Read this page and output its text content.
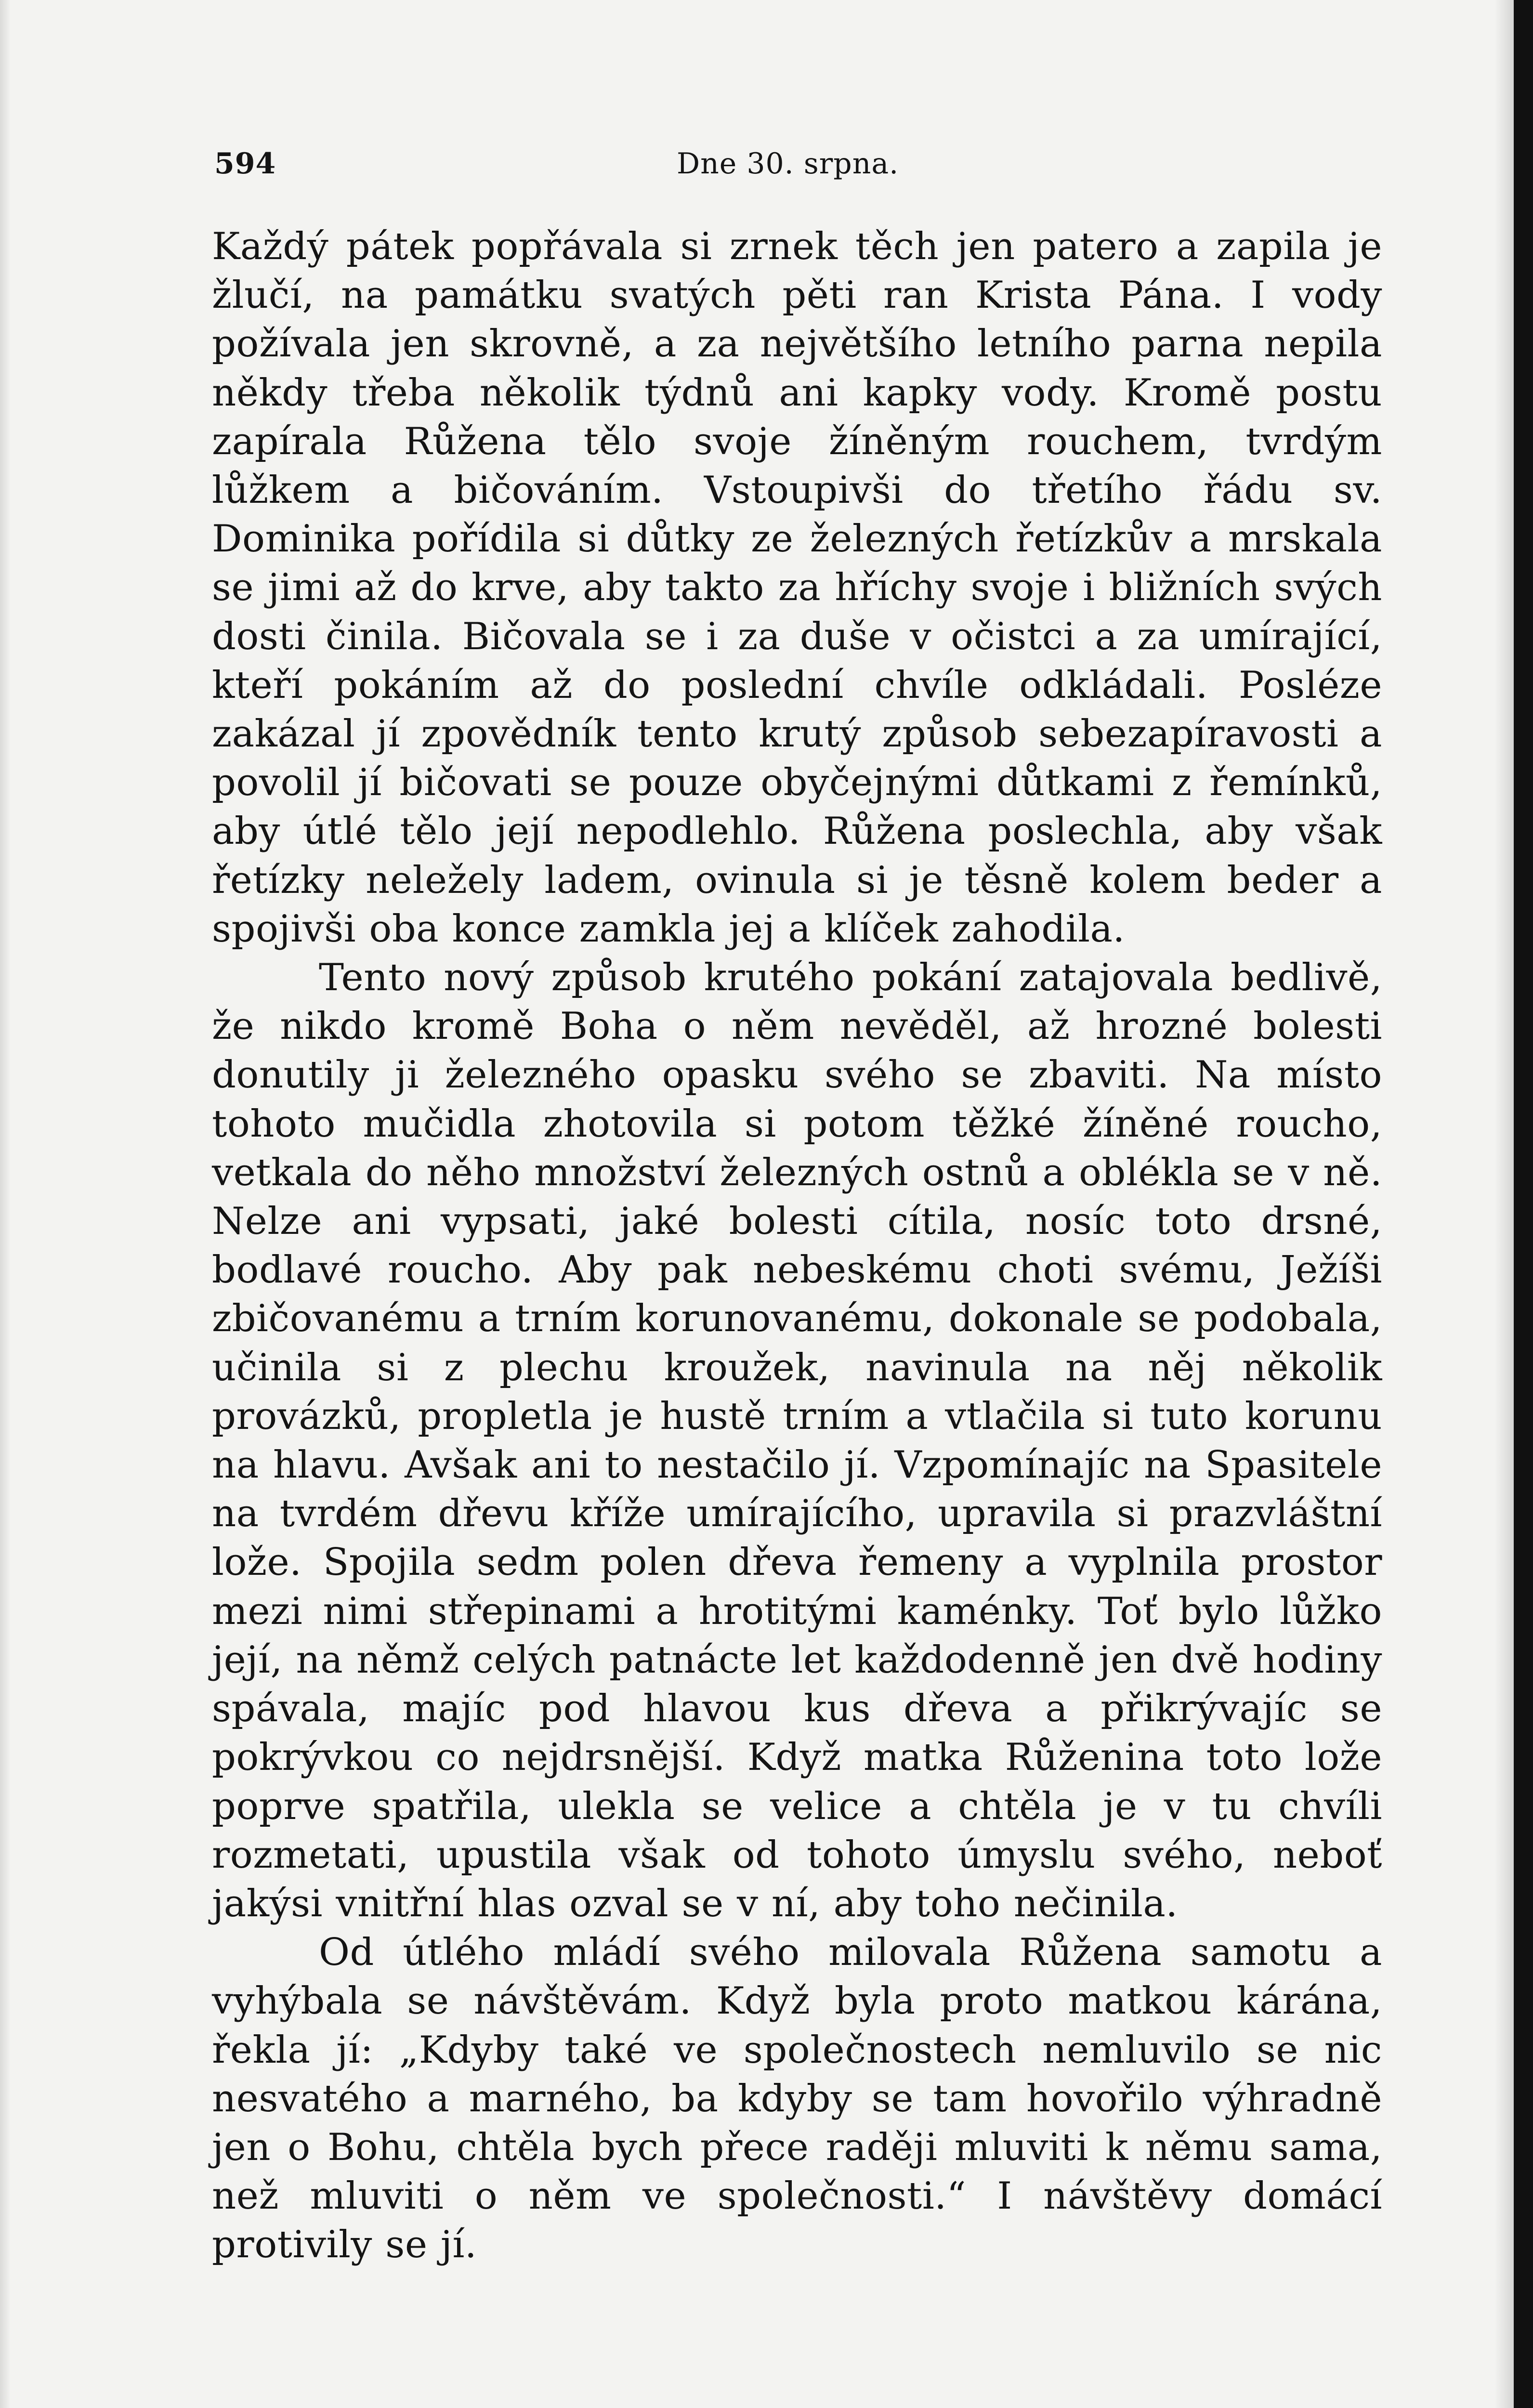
594	Dne 30. srpna.

Každý pátek popřávala si zrnek těch jen patero a zapila je žlučí, na památku svatých pěti ran Krista Pána. I vody požívala jen skrovně, a za největšího letního parna nepila někdy třeba několik týdnů ani kapky vody. Kromě postu zapírala Růžena tělo svoje žíněným rouchem, tvrdým lůžkem a bičováním. Vstoupivši do třetího řádu sv. Dominika pořídila si důtky ze železných řetízkův a mrskala se jimi až do krve, aby takto za hříchy svoje i bližních svých dosti činila. Bičovala se i za duše v očistci a za umírající, kteří pokáním až do poslední chvíle odkládali. Posléze zakázal jí zpovědník tento krutý způsob sebezapíravosti a povolil jí bičovati se pouze obyčejnými důtkami z řemínků, aby útlé tělo její nepodlehlo. Růžena poslechla, aby však řetízky neležely ladem, ovinula si je těsně kolem beder a spojivši oba konce zamkla jej a klíček zahodila.

Tento nový způsob krutého pokání zatajovala bedlivě, že nikdo kromě Boha o něm nevěděl, až hrozné bolesti donutily ji železného opasku svého se zbaviti. Na místo tohoto mučidla zhotovila si potom těžké žíněné roucho, vetkala do něho množství železných ostnů a oblékla se v ně. Nelze ani vypsati, jaké bolesti cítila, nosíc toto drsné, bodlavé roucho. Aby pak nebeskému choti svému, Ježíši zbičovanému a trním korunovanému, dokonale se podobala, učinila si z plechu kroužek, navinula na něj několik provázků, propletla je hustě trním a vtlačila si tuto korunu na hlavu. Avšak ani to nestačilo jí. Vzpomínajíc na Spasitele na tvrdém dřevu kříže umírajícího, upravila si prazvláštní lože. Spojila sedm polen dřeva řemeny a vyplnila prostor mezi nimi střepinami a hrotitými kaménky. Toť bylo lůžko její, na němž celých patnácte let každodenně jen dvě hodiny spávala, majíc pod hlavou kus dřeva a přikrývajíc se pokrývkou co nejdrsnější. Když matka Růženina toto lože poprve spatřila, ulekla se velice a chtěla je v tu chvíli rozmetati, upustila však od tohoto úmyslu svého, neboť jakýsi vnitřní hlas ozval se v ní, aby toho nečinila.

Od útlého mládí svého milovala Růžena samotu a vyhýbala se návštěvám. Když byla proto matkou kárána, řekla jí: „Kdyby také ve společnostech nemluvilo se nic nesvatého a marného, ba kdyby se tam hovořilo výhradně jen o Bohu, chtěla bych přece raději mluviti k němu sama, než mluviti o něm ve společnosti.“ I návštěvy domácí protivily se jí.
